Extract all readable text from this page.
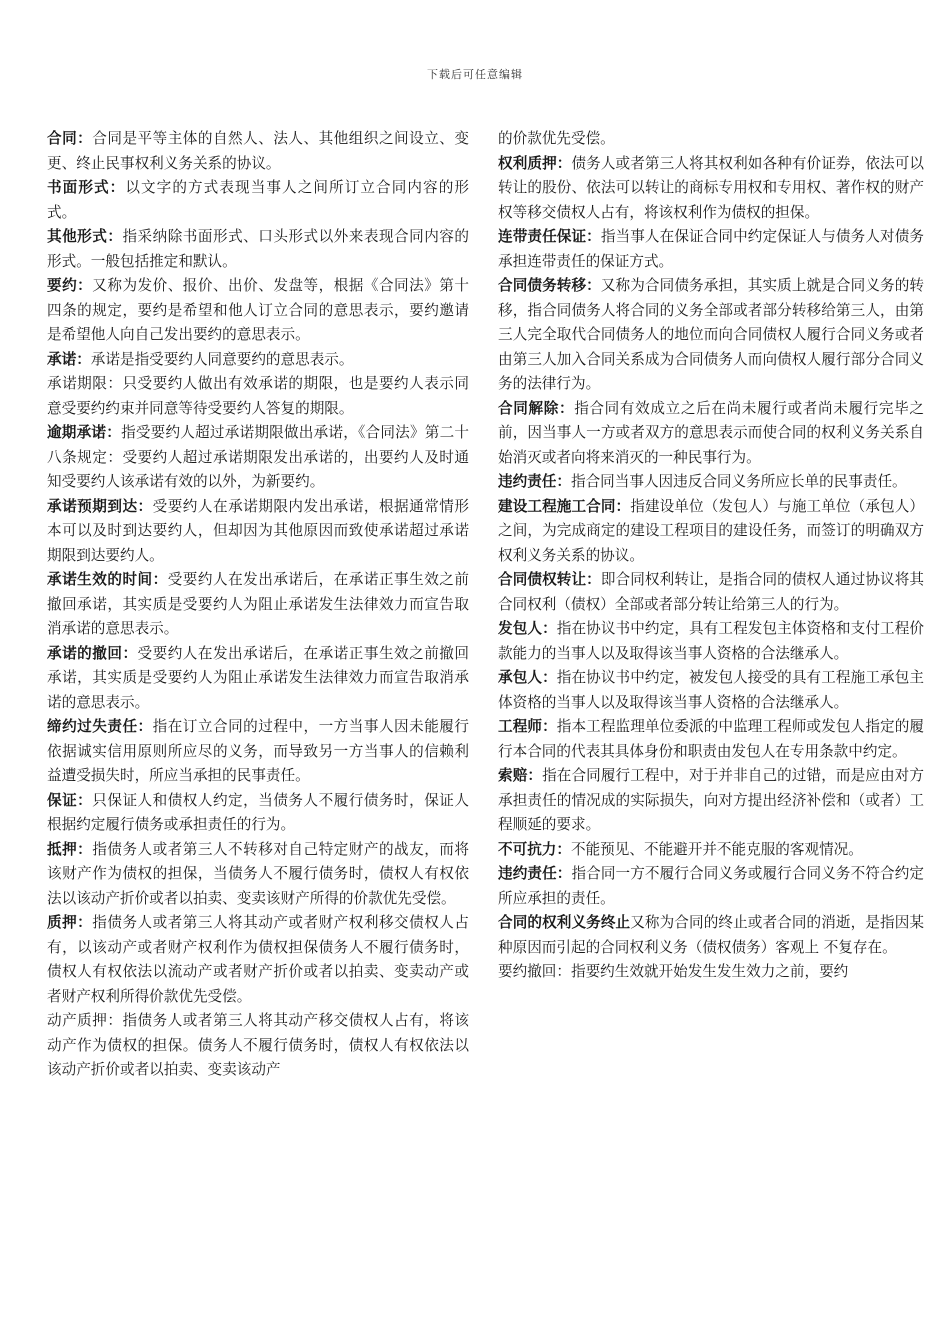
下载后可任意编辑

合同：合同是平等主体的自然人、法人、其他组织之间设立、变更、终止民事权利义务关系的协议。

书面形式：以文字的方式表现当事人之间所订立合同内容的形式。

其他形式：指采纳除书面形式、口头形式以外来表现合同内容的形式。一般包括推定和默认。

要约：又称为发价、报价、出价、发盘等，根据《合同法》第十四条的规定，要约是希望和他人订立合同的意思表示，要约邀请是希望他人向自己发出要约的意思表示。

承诺：承诺是指受要约人同意要约的意思表示。

承诺期限：只受要约人做出有效承诺的期限，也是要约人表示同意受要约约束并同意等待受要约人答复的期限。

逾期承诺：指受要约人超过承诺期限做出承诺，《合同法》第二十八条规定：受要约人超过承诺期限发出承诺的，出要约人及时通知受要约人该承诺有效的以外，为新要约。

承诺预期到达：受要约人在承诺期限内发出承诺，根据通常情形本可以及时到达要约人，但却因为其他原因而致使承诺超过承诺期限到达要约人。

承诺生效的时间：受要约人在发出承诺后，在承诺正事生效之前撤回承诺，其实质是受要约人为阻止承诺发生法律效力而宣告取消承诺的意思表示。

承诺的撤回：受要约人在发出承诺后，在承诺正事生效之前撤回承诺，其实质是受要约人为阻止承诺发生法律效力而宣告取消承诺的意思表示。

缔约过失责任：指在订立合同的过程中，一方当事人因未能履行依据诚实信用原则所应尽的义务，而导致另一方当事人的信赖利益遭受损失时，所应当承担的民事责任。

保证：只保证人和债权人约定，当债务人不履行债务时，保证人根据约定履行债务或承担责任的行为。

抵押：指债务人或者第三人不转移对自己特定财产的战友，而将该财产作为债权的担保，当债务人不履行债务时，债权人有权依法以该动产折价或者以拍卖、变卖该财产所得的价款优先受偿。

质押：指债务人或者第三人将其动产或者财产权利移交债权人占有，以该动产或者财产权利作为债权担保债务人不履行债务时，债权人有权依法以流动产或者财产折价或者以拍卖、变卖动产或者财产权利所得价款优先受偿。

动产质押：指债务人或者第三人将其动产移交债权人占有，将该动产作为债权的担保。债务人不履行债务时，债权人有权依法以该动产折价或者以拍卖、变卖该动产

的价款优先受偿。

权利质押：债务人或者第三人将其权利如各种有价证券，依法可以转让的股份、依法可以转让的商标专用权和专用权、著作权的财产权等移交债权人占有，将该权利作为债权的担保。

连带责任保证：指当事人在保证合同中约定保证人与债务人对债务承担连带责任的保证方式。

合同债务转移：又称为合同债务承担，其实质上就是合同义务的转移，指合同债务人将合同的义务全部或者部分转移给第三人，由第三人完全取代合同债务人的地位而向合同债权人履行合同义务或者由第三人加入合同关系成为合同债务人而向债权人履行部分合同义务的法律行为。

合同解除：指合同有效成立之后在尚未履行或者尚未履行完毕之前，因当事人一方或者双方的意思表示而使合同的权利义务关系自始消灭或者向将来消灭的一种民事行为。

违约责任：指合同当事人因违反合同义务所应长单的民事责任。

建设工程施工合同：指建设单位（发包人）与施工单位（承包人）之间，为完成商定的建设工程项目的建设任务，而签订的明确双方权利义务关系的协议。

合同债权转让：即合同权利转让，是指合同的债权人通过协议将其合同权利（债权）全部或者部分转让给第三人的行为。

发包人：指在协议书中约定，具有工程发包主体资格和支付工程价款能力的当事人以及取得该当事人资格的合法继承人。

承包人：指在协议书中约定，被发包人接受的具有工程施工承包主体资格的当事人以及取得该当事人资格的合法继承人。

工程师：指本工程监理单位委派的中监理工程师或发包人指定的履行本合同的代表其具体身份和职责由发包人在专用条款中约定。

索赔：指在合同履行工程中，对于并非自己的过错，而是应由对方承担责任的情况成的实际损失，向对方提出经济补偿和（或者）工程顺延的要求。

不可抗力：不能预见、不能避开并不能克服的客观情况。

违约责任：指合同一方不履行合同义务或履行合同义务不符合约定所应承担的责任。

合同的权利义务终止又称为合同的终止或者合同的消逝，是指因某种原因而引起的合同权利义务（债权债务）客观上 不复存在。

要约撤回：指要约生效就开始发生发生效力之前，要约
